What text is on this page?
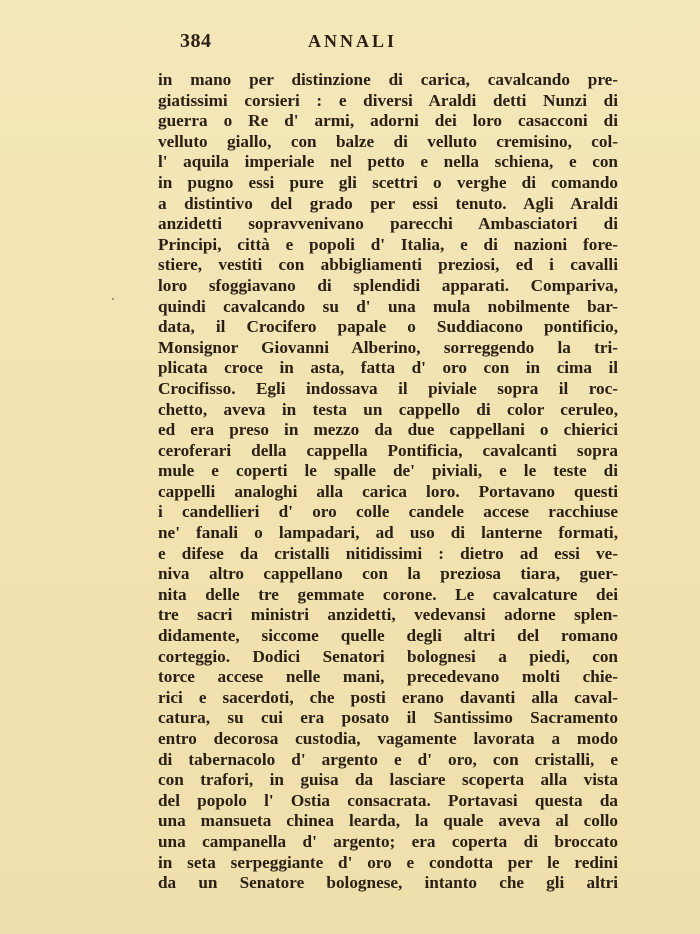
384	ANNALI
in mano per distinzione di carica, cavalcando pre-
giatissimi corsieri : e diversi Araldi detti Nunzi di
guerra o Re d' armi, adorni dei loro casacconi di
velluto giallo, con balze di velluto cremisino, col-
l' aquila imperiale nel petto e nella schiena, e con
in pugno essi pure gli scettri o verghe di comando
a distintivo del grado per essi tenuto. Agli Araldi
anzidetti sopravvenivano parecchi Ambasciatori di
Principi, città e popoli d' Italia, e di nazioni fore-
stiere, vestiti con abbigliamenti preziosi, ed i cavalli
loro sfoggiavano di splendidi apparati. Compariva,
quindi cavalcando su d' una mula nobilmente bar-
data, il Crocifero papale o Suddiacono pontificio,
Monsignor Giovanni Alberino, sorreggendo la tri-
plicata croce in asta, fatta d' oro con in cima il
Crocifisso. Egli indossava il piviale sopra il roc-
chetto, aveva in testa un cappello di color ceruleo,
ed era preso in mezzo da due cappellani o chierici
ceroferari della cappella Pontificia, cavalcanti sopra
mule e coperti le spalle de' piviali, e le teste di
cappelli analoghi alla carica loro. Portavano questi
i candellieri d' oro colle candele accese racchiuse
ne' fanali o lampadari, ad uso di lanterne formati,
e difese da cristalli nitidissimi : dietro ad essi ve-
niva altro cappellano con la preziosa tiara, guer-
nita delle tre gemmate corone. Le cavalcature dei
tre sacri ministri anzidetti, vedevansi adorne splen-
didamente, siccome quelle degli altri del romano
corteggio. Dodici Senatori bolognesi a piedi, con
torce accese nelle mani, precedevano molti chie-
rici e sacerdoti, che posti erano davanti alla caval-
catura, su cui era posato il Santissimo Sacramento
entro decorosa custodia, vagamente lavorata a modo
di tabernacolo d' argento e d' oro, con cristalli, e
con trafori, in guisa da lasciare scoperta alla vista
del popolo l' Ostia consacrata. Portavasi questa da
una mansueta chinea learda, la quale aveva al collo
una campanella d' argento; era coperta di broccato
in seta serpeggiante d' oro e condotta per le redini
da un Senatore bolognese, intanto che gli altri
